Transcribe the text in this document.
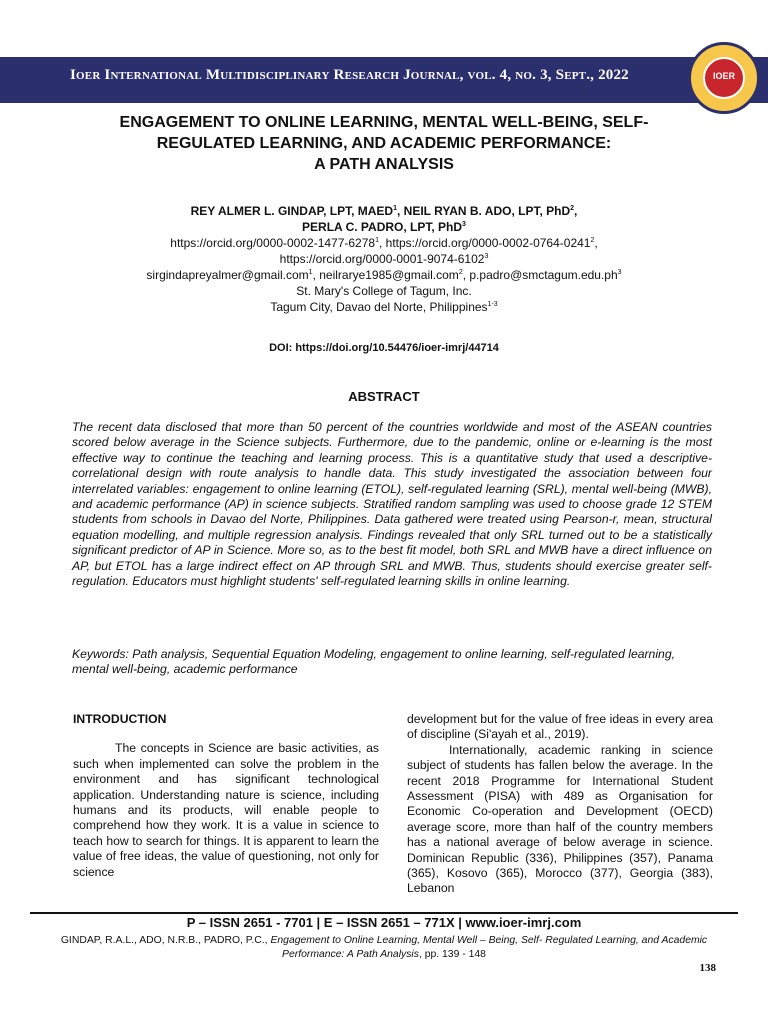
Ioer International Multidisciplinary Research Journal, vol. 4, no. 3, Sept., 2022	IOER
ENGAGEMENT TO ONLINE LEARNING, MENTAL WELL-BEING, SELF-
REGULATED LEARNING, AND ACADEMIC PERFORMANCE:
A PATH ANALYSIS
REY ALMER L. GINDAP, LPT, MAED$^1$, NEIL RYAN B. ADO, LPT, PhD$^2$,
PERLA C. PADRO, LPT, PhD$^3$
https://orcid.org/0000-0002-1477-6278$^1$, https://orcid.org/0000-0002-0764-0241$^2$,
https://orcid.org/0000-0001-9074-6102$^3$
sirgindapreyalmer@gmail.com$^1$, neilrarye1985@gmail.com$^2$, $p.padro@smctagum.edu.ph^3$
St. Mary's College of Tagum, Inc.
Tagum City, Davao del Norte, Philippines$^{1-3}$
DOI: https://doi.org/10.54476/ioer-imrj/44714
ABSTRACT
The recent data disclosed that more than 50 percent of the countries worldwide and most of the ASEAN countries scored below average in the Science subjects. Furthermore, due to the pandemic, online or e-learning is the most effective way to continue the teaching and learning process. This is a quantitative study that used a descriptive-correlational design with route analysis to handle data. This study investigated the association between four interrelated variables: engagement to online learning (ETOL), self-regulated learning (SRL), mental well-being (MWB), and academic performance (AP) in science subjects. Stratified random sampling was used to choose grade 12 STEM students from schools in Davao del Norte, Philippines. Data gathered were treated using Pearson-r, mean, structural equation modelling, and multiple regression analysis. Findings revealed that only SRL turned out to be a statistically significant predictor of AP in Science. More so, as to the best fit model, both SRL and MWB have a direct influence on AP, but ETOL has a large indirect effect on AP through SRL and MWB. Thus, students should exercise greater self-regulation. Educators must highlight students' self-regulated learning skills in online learning.
Keywords: Path analysis, Sequential Equation Modeling, engagement to online learning, self-regulated learning, mental well-being, academic performance
INTRODUCTION

The concepts in Science are basic activities, as such when implemented can solve the problem in the environment and has significant technological application. Understanding nature is science, including humans and its products, will enable people to comprehend how they work. It is a value in science to teach how to search for things. It is apparent to learn the value of free ideas, the value of questioning, not only for science

development but for the value of free ideas in every area of discipline (Si'ayah et al., 2019).

Internationally, academic ranking in science subject of students has fallen below the average. In the recent 2018 Programme for International Student Assessment (PISA) with 489 as Organisation for Economic Co-operation and Development (OECD) average score, more than half of the country members has a national average of below average in science. Dominican Republic (336), Philippines (357), Panama (365), Kosovo (365), Morocco (377), Georgia (383), Lebanon

P – ISSN 2651 - 7701 | E – ISSN 2651 – 771X | www.ioer-imrj.com
GINDAP, R.A.L., ADO, N.R.B., PADRO, P.C., Engagement to Online Learning, Mental Well – Being, Self- Regulated Learning, and Academic Performance: A Path Analysis, pp. 139 - 148
138
